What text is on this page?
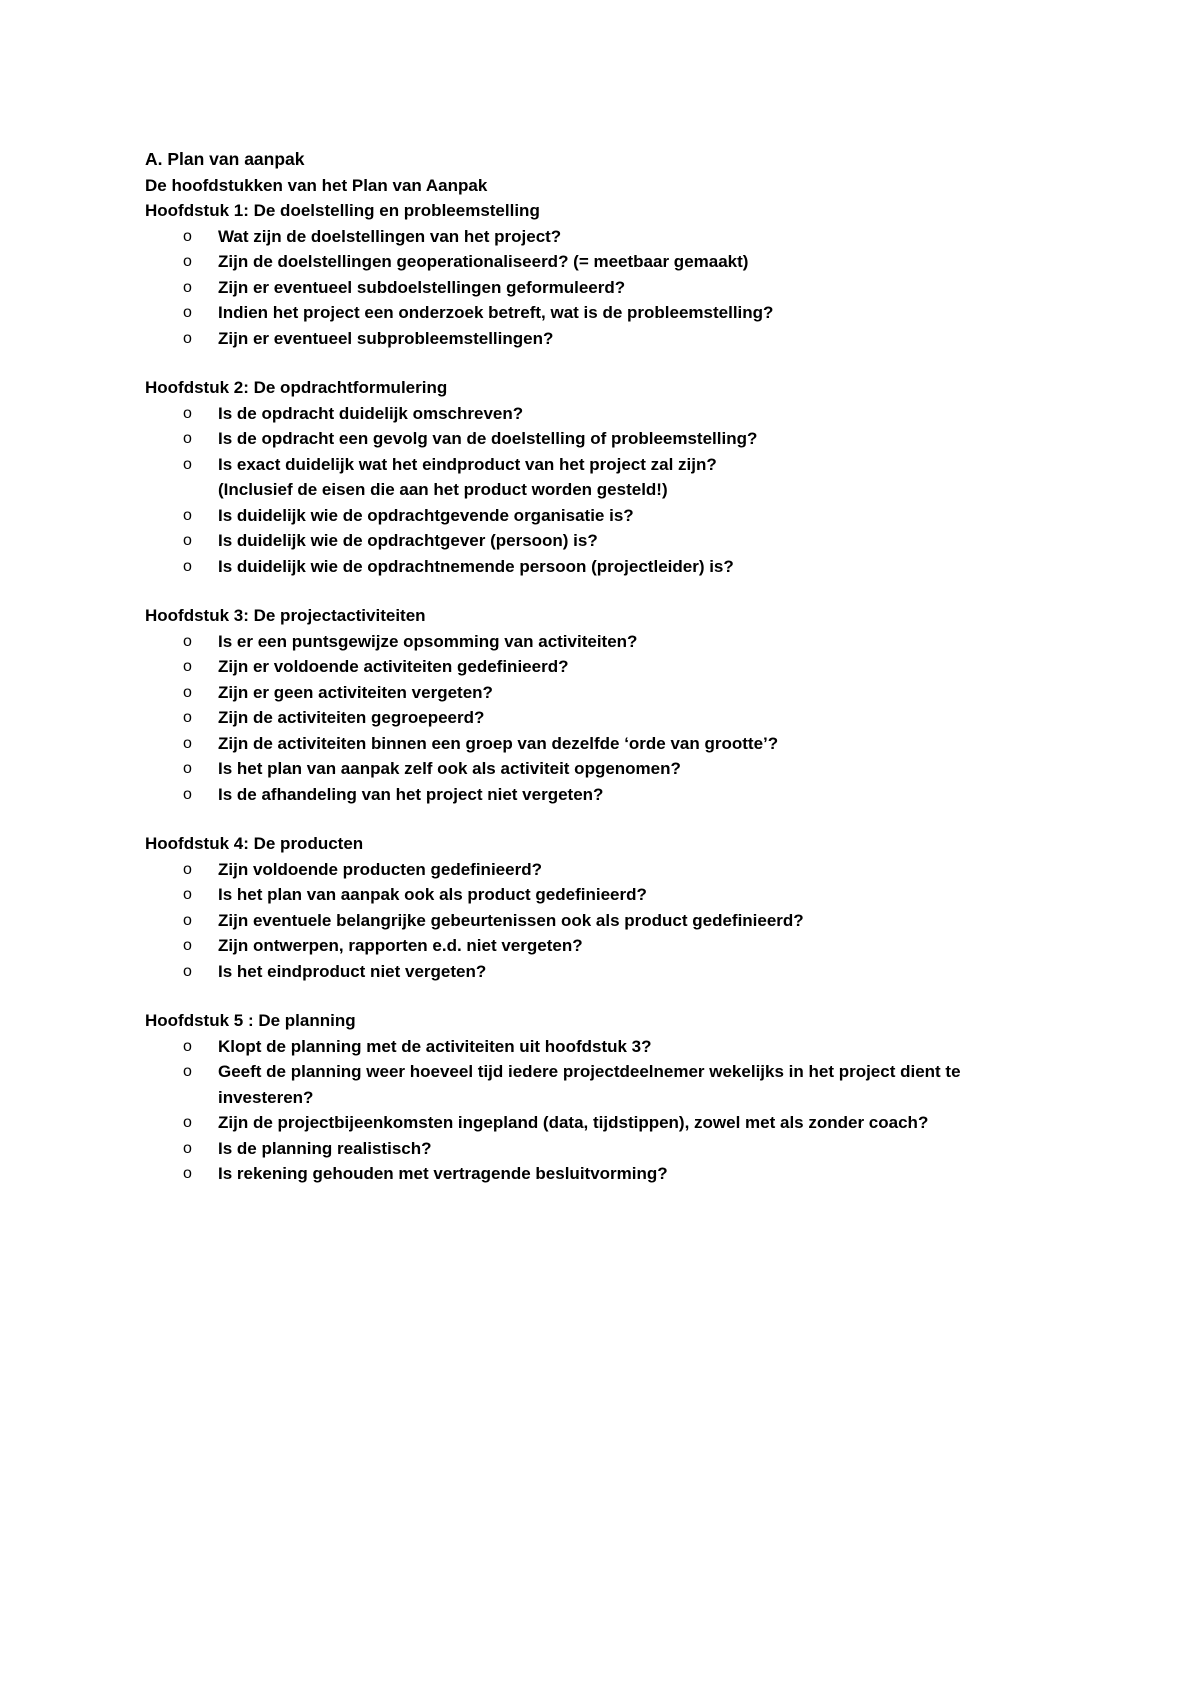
A. Plan van aanpak
De hoofdstukken van het Plan van Aanpak
Hoofdstuk 1: De doelstelling en probleemstelling
o Wat zijn de doelstellingen van het project?
o Zijn de doelstellingen geoperationaliseerd? (= meetbaar gemaakt)
o Zijn er eventueel subdoelstellingen geformuleerd?
o Indien het project een onderzoek betreft, wat is de probleemstelling?
o Zijn er eventueel subprobleemstellingen?
Hoofdstuk 2: De opdrachtformulering
o Is de opdracht duidelijk omschreven?
o Is de opdracht een gevolg van de doelstelling of probleemstelling?
o Is exact duidelijk wat het eindproduct van het project zal zijn?
(Inclusief de eisen die aan het product worden gesteld!)
o Is duidelijk wie de opdrachtgevende organisatie is?
o Is duidelijk wie de opdrachtgever (persoon) is?
o Is duidelijk wie de opdrachtnemende persoon (projectleider) is?
Hoofdstuk 3: De projectactiviteiten
o Is er een puntsgewijze opsomming van activiteiten?
o Zijn er voldoende activiteiten gedefinieerd?
o Zijn er geen activiteiten vergeten?
o Zijn de activiteiten gegroepeerd?
o Zijn de activiteiten binnen een groep van dezelfde ‘orde van grootte’?
o Is het plan van aanpak zelf ook als activiteit opgenomen?
o Is de afhandeling van het project niet vergeten?
Hoofdstuk 4: De producten
o Zijn voldoende producten gedefinieerd?
o Is het plan van aanpak ook als product gedefinieerd?
o Zijn eventuele belangrijke gebeurtenissen ook als product gedefinieerd?
o Zijn ontwerpen, rapporten e.d. niet vergeten?
o Is het eindproduct niet vergeten?
Hoofdstuk 5 : De planning
o Klopt de planning met de activiteiten uit hoofdstuk 3?
o Geeft de planning weer hoeveel tijd iedere projectdeelnemer wekelijks in het project dient te
investeren?
o Zijn de projectbijeenkomsten ingepland (data, tijdstippen), zowel met als zonder coach?
o Is de planning realistisch?
o Is rekening gehouden met vertragende besluitvorming?
